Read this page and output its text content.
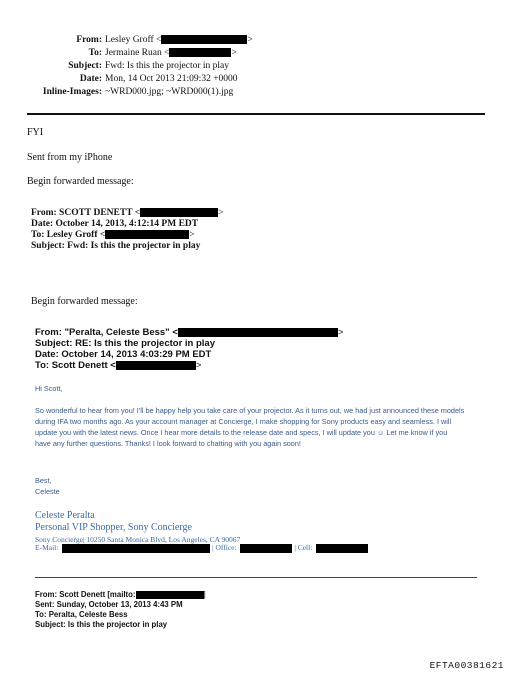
From: Lesley Groff <	>
To: Jermaine Ruan <	>
Subject: Fwd: Is this the projector in play
Date: Mon, 14 Oct 2013 21:09:32 +0000
Inline-Images: ~WRD000.jpg; ~WRD000(1).jpg
FYI
Sent from my iPhone
Begin forwarded message:
From: SCOTT DENETT <	>
Date: October 14, 2013, 4:12:14 PM EDT
To: Lesley Groff <	>
Subject: Fwd: Is this the projector in play
Begin forwarded message:
From: "Peralta, Celeste Bess" <	>
Subject: RE: Is this the projector in play
Date: October 14, 2013 4:03:29 PM EDT
To: Scott Denett <	>
Hi Scott,
So wonderful to hear from you! I'll be happy help you take care of your projector. As it turns out, we had just announced these models during IFA two months ago. As your account manager at Concierge, I make shopping for Sony products easy and seamless. I will update you with the latest news. Once I hear more details to the release date and specs, I will update you ☺ Let me know if you have any further questions. Thanks! I look forward to chatting with you again soon!
Best,
Celeste
Celeste Peralta
Personal VIP Shopper, Sony Concierge
Sony Concierge| 10250 Santa Monica Blvd, Los Angeles, CA 90067
E-Mail:	| Office:	| Cell:
From: Scott Denett [mailto:	]
Sent: Sunday, October 13, 2013 4:43 PM
To: Peralta, Celeste Bess
Subject: Is this the projector in play
EFTA00381621
